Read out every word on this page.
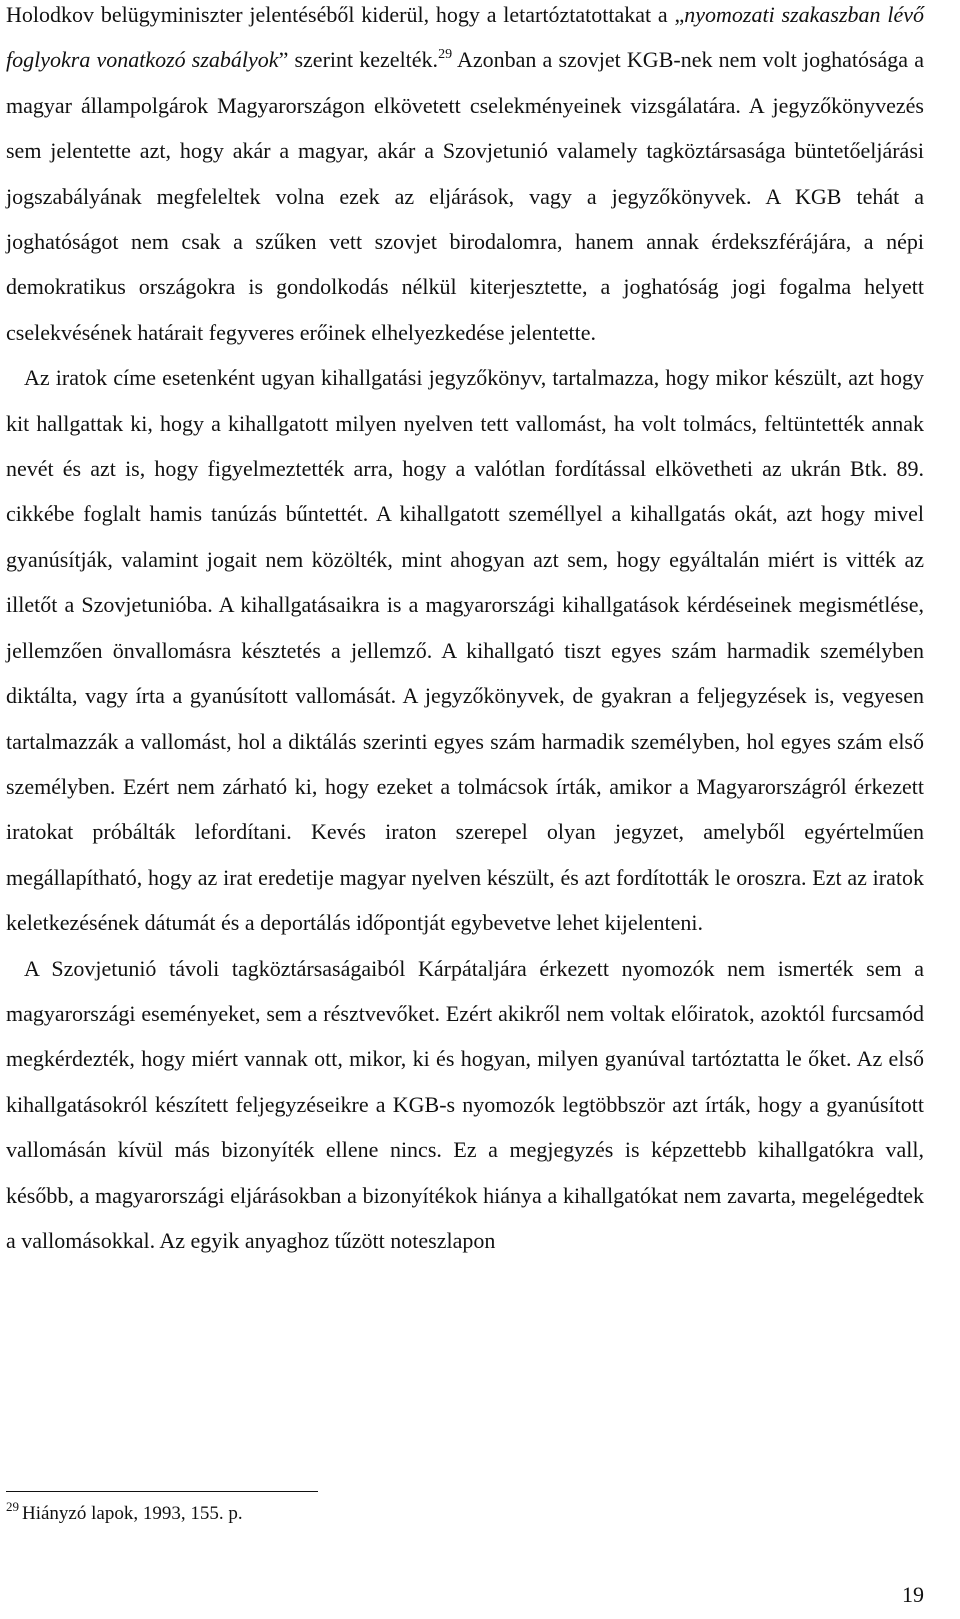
Holodkov belügyminiszter jelentéséből kiderül, hogy a letartóztatottakat a „nyomozati szakaszban lévő foglyokra vonatkozó szabályok” szerint kezelték.$^{29}$ Azonban a szovjet KGB-nek nem volt joghatósága a magyar állampolgárok Magyarországon elkövetett cselekményeinek vizsgálatára. A jegyzőkönyvezés sem jelentette azt, hogy akár a magyar, akár a Szovjetunió valamely tagköztársasága büntetőeljárási jogszabályának megfeleltek volna ezek az eljárások, vagy a jegyzőkönyvek. A KGB tehát a joghatóságot nem csak a szűken vett szovjet birodalomra, hanem annak érdekszférájára, a népi demokratikus országokra is gondolkodás nélkül kiterjesztette, a joghatóság jogi fogalma helyett cselekvésének határait fegyveres erőinek elhelyezkedése jelentette.

Az iratok címe esetenként ugyan kihallgatási jegyzőkönyv, tartalmazza, hogy mikor készült, azt hogy kit hallgattak ki, hogy a kihallgatott milyen nyelven tett vallomást, ha volt tolmács, feltüntették annak nevét és azt is, hogy figyelmeztették arra, hogy a valótlan fordítással elkövetheti az ukrán Btk. 89. cikkébe foglalt hamis tanúzás bűntettét. A kihallgatott személlyel a kihallgatás okát, azt hogy mivel gyanúsítják, valamint jogait nem közölték, mint ahogyan azt sem, hogy egyáltalán miért is vitték az illetőt a Szovjetunióba. A kihallgatásaikra is a magyarországi kihallgatások kérdéseinek megismétlése, jellemzően önvallomásra késztetés a jellemző. A kihallgató tiszt egyes szám harmadik személyben diktálta, vagy írta a gyanúsított vallomását. A jegyzőkönyvek, de gyakran a feljegyzések is, vegyesen tartalmazzák a vallomást, hol a diktálás szerinti egyes szám harmadik személyben, hol egyes szám első személyben. Ezért nem zárható ki, hogy ezeket a tolmácsok írták, amikor a Magyarországról érkezett iratokat próbálták lefordítani. Kevés iraton szerepel olyan jegyzet, amelyből egyértelműen megállapítható, hogy az irat eredetije magyar nyelven készült, és azt fordították le oroszra. Ezt az iratok keletkezésének dátumát és a deportálás időpontját egybevetve lehet kijelenteni.

A Szovjetunió távoli tagköztársaságaiból Kárpátaljára érkezett nyomozók nem ismerték sem a magyarországi eseményeket, sem a résztvevőket. Ezért akikről nem voltak előiratok, azoktól furcsamód megkérdezték, hogy miért vannak ott, mikor, ki és hogyan, milyen gyanúval tartóztatta le őket. Az első kihallgatásokról készített feljegyzéseikre a KGB-s nyomozók legtöbbször azt írták, hogy a gyanúsított vallomásán kívül más bizonyíték ellene nincs. Ez a megjegyzés is képzettebb kihallgatókra vall, később, a magyarországi eljárásokban a bizonyítékok hiánya a kihallgatókat nem zavarta, megelégedtek a vallomásokkal. Az egyik anyaghoz tűzött noteszlapon

$^{29}$ Hiányzó lapok, 1993, 155. p.
19
